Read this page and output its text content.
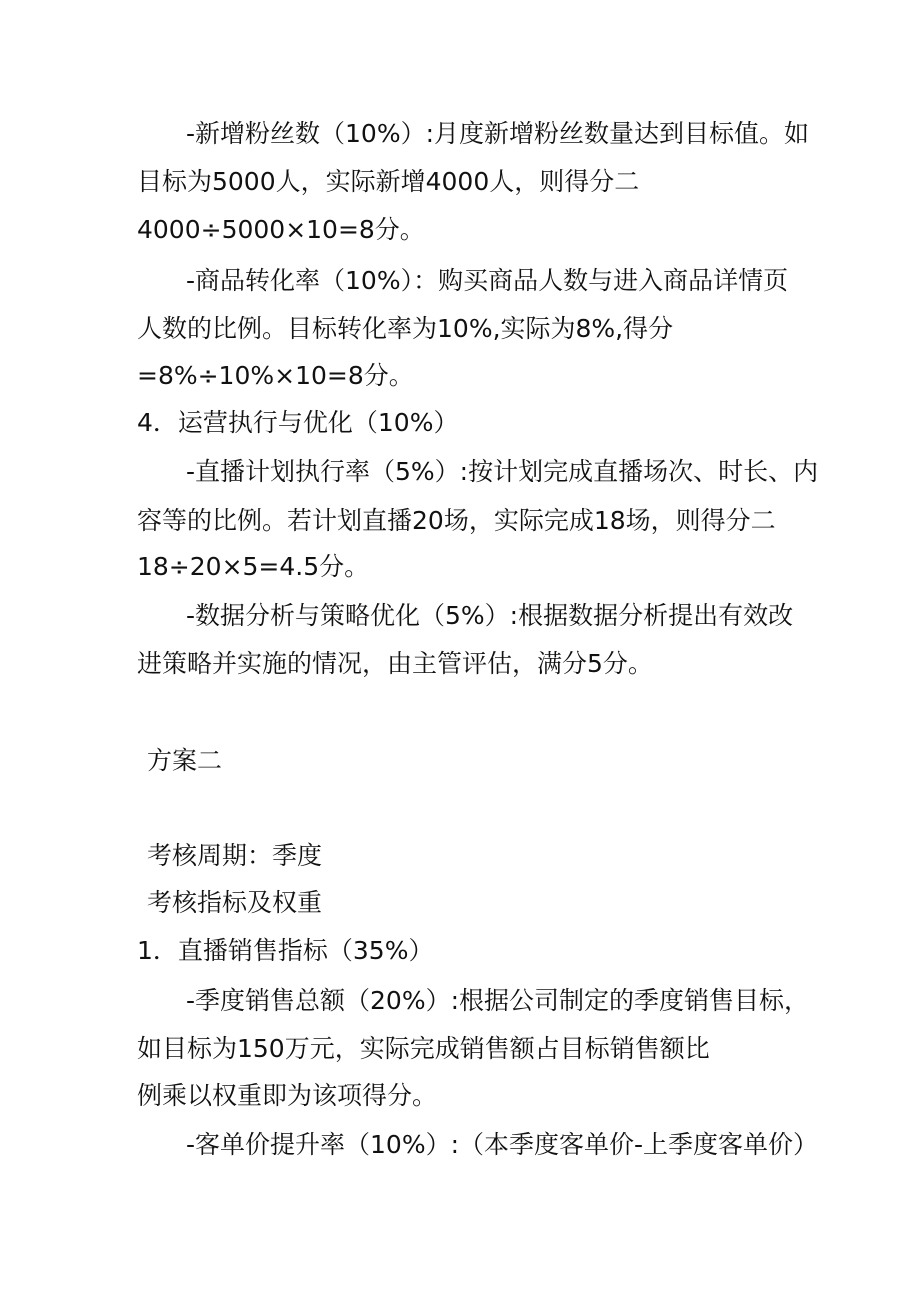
-新增粉丝数（10%）:月度新增粉丝数量达到目标值。如
目标为5000人，实际新增4000人，则得分二
4000÷5000×10=8分。
-商品转化率（10%）：购买商品人数与进入商品详情页
人数的比例。目标转化率为10%,实际为8%,得分
=8%÷10%×10=8分。
4．运营执行与优化（10%）
-直播计划执行率（5%）:按计划完成直播场次、时长、内
容等的比例。若计划直播20场，实际完成18场，则得分二
18÷20×5=4.5分。
-数据分析与策略优化（5%）:根据数据分析提出有效改
进策略并实施的情况，由主管评估，满分5分。
方案二
考核周期：季度
考核指标及权重
1．直播销售指标（35%）
-季度销售总额（20%）:根据公司制定的季度销售目标，
如目标为150万元，实际完成销售额占目标销售额比
例乘以权重即为该项得分。
-客单价提升率（10%）:（本季度客单价-上季度客单价）
